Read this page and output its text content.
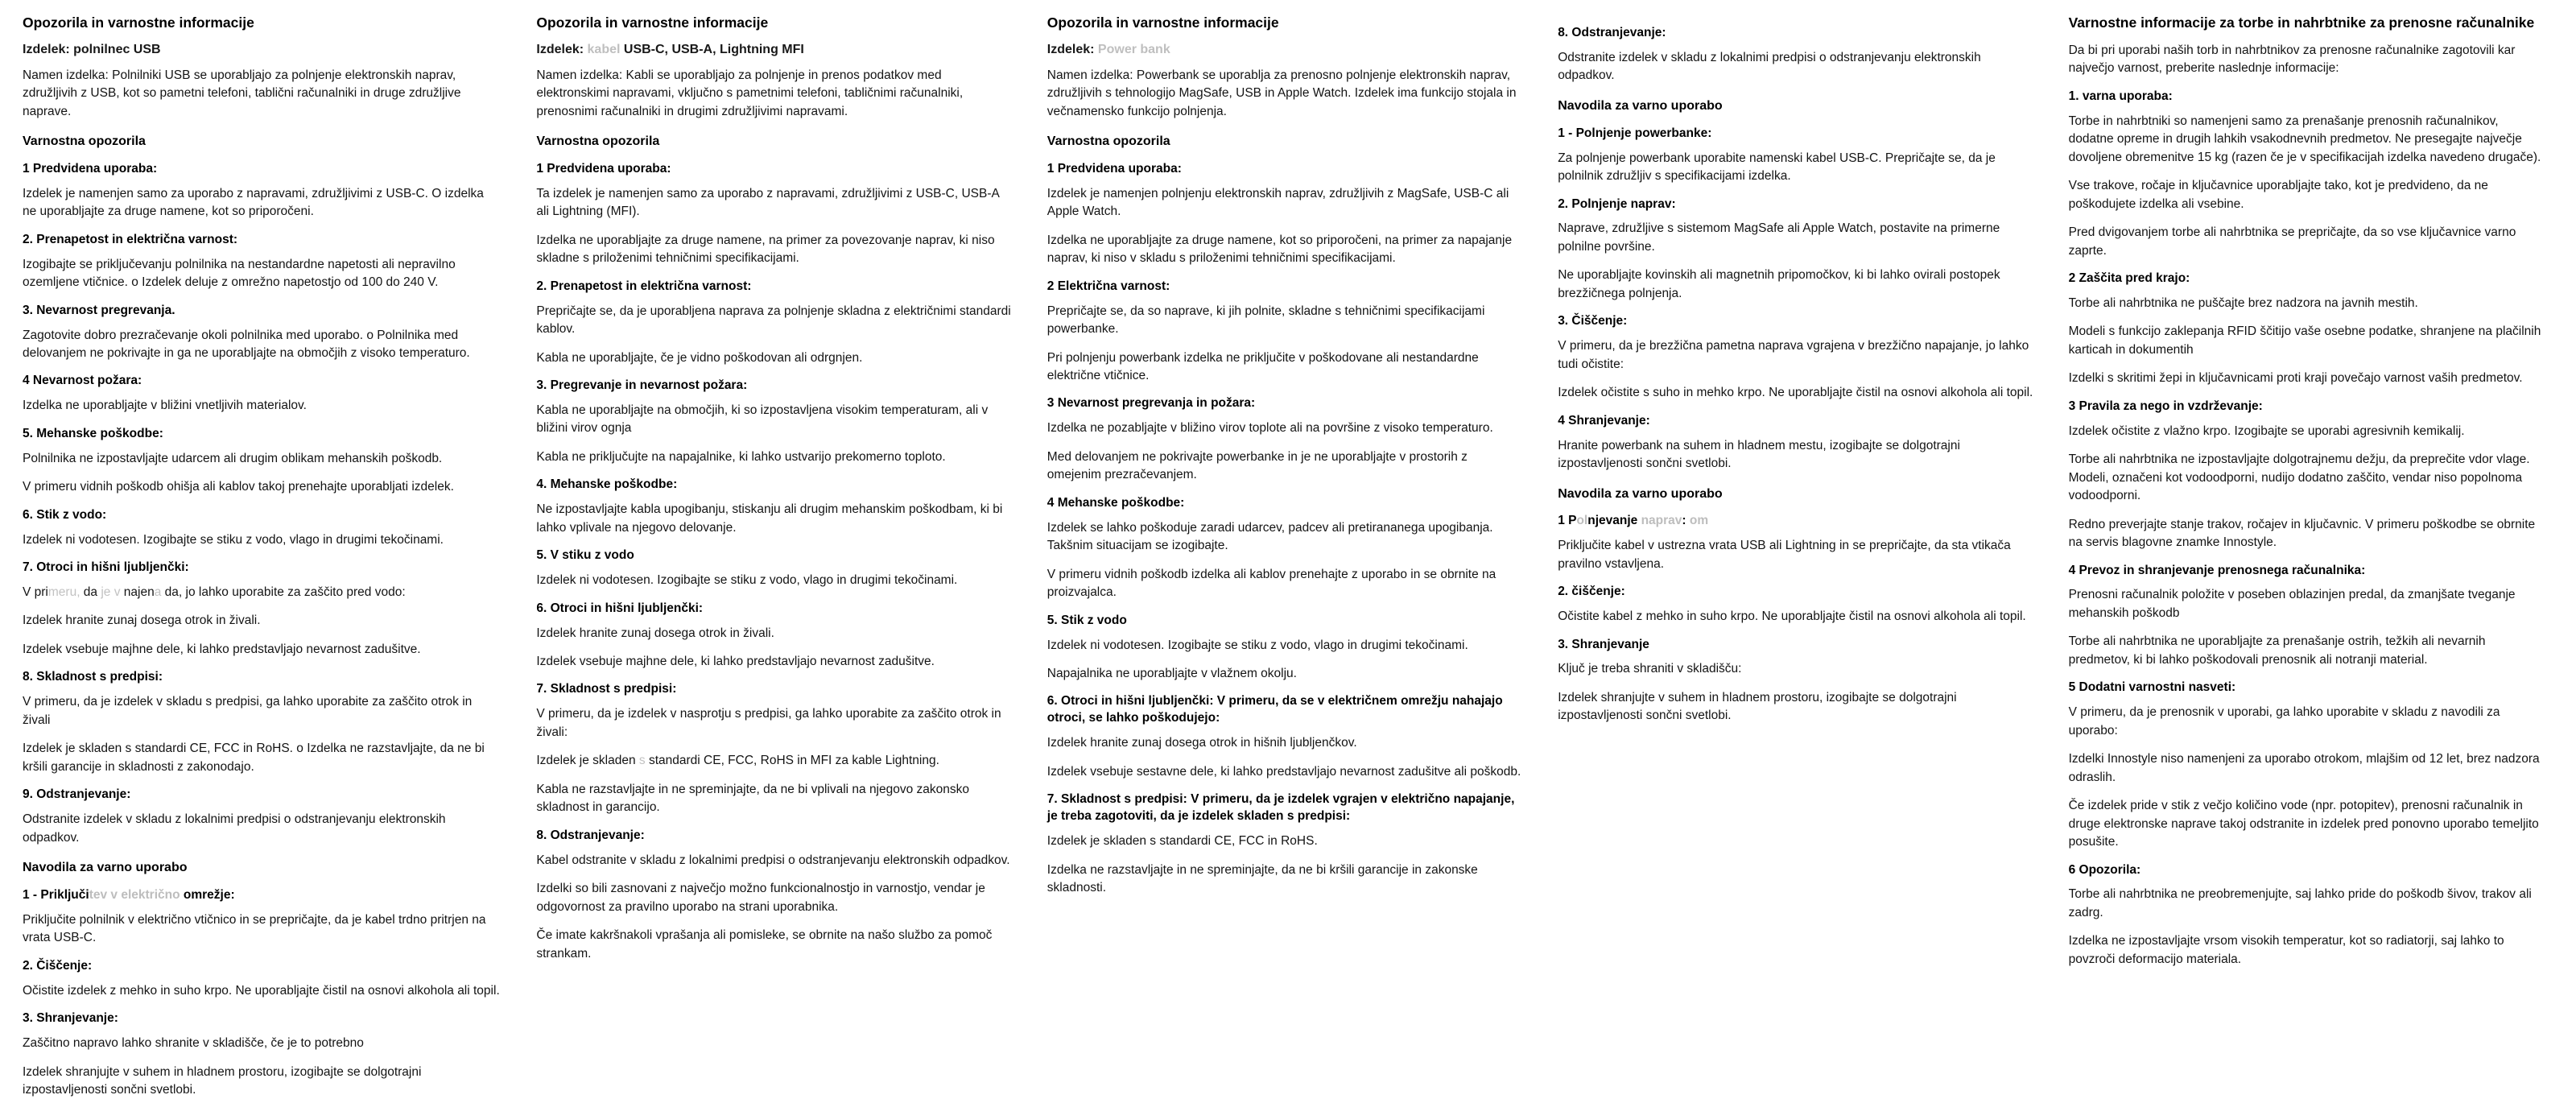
Opozorila in varnostne informacije
Izdelek: polnilnec USB

Namen izdelka: Polnilniki USB se uporabljajo za polnjenje elektronskih naprav, združljivih z USB, kot so pametni telefoni, tablični računalniki in druge združljive naprave.

Varnostna opozorila
1 Predvidena uporaba:

Izdelek je namenjen samo za uporabo z napravami, združljivimi z USB-C. O izdelka ne uporabljajte za druge namene, kot so priporočeni.

2. Prenapetost in električna varnost:

Izogibajte se priključevanju polnilnika na nestandardne napetosti ali nepravilno ozemljene vtičnice. o Izdelek deluje z omrežno napetostjo od 100 do 240 V.

3. Nevarnost pregrevanja.

Zagotovite dobro prezračevanje okoli polnilnika med uporabo. o Polnilnika med delovanjem ne pokrivajte in ga ne uporabljajte na območjih z visoko temperaturo.

4 Nevarnost požara:

Izdelka ne uporabljajte v bližini vnetljivih materialov.

5. Mehanske poškodbe:

Polnilnika ne izpostavljajte udarcem ali drugim oblikam mehanskih poškodb.

V primeru vidnih poškodb ohišja ali kablov takoj prenehajte uporabljati izdelek.

6. Stik z vodo:

Izdelek ni vodotesen. Izogibajte se stiku z vodo, vlago in drugimi tekočinami.

7. Otroci in hišni ljubljenčki:

V primeru, da je v najena da, jo lahko uporabite za zaščito pred vodo:

Izdelek hranite zunaj dosega otrok in živali.

Izdelek vsebuje majhne dele, ki lahko predstavljajo nevarnost zadušitve.

8. Skladnost s predpisi:

V primeru, da je izdelek v skladu s predpisi, ga lahko uporabite za zaščito otrok in živali

Izdelek je skladen s standardi CE, FCC in RoHS. o Izdelka ne razstavljajte, da ne bi kršili garancije in skladnosti z zakonodajo.

9. Odstranjevanje:

Odstranite izdelek v skladu z lokalnimi predpisi o odstranjevanju elektronskih odpadkov.

Navodila za varno uporabo
1 - Priključitev v električno omrežje:

Priključite polnilnik v električno vtičnico in se prepričajte, da je kabel trdno pritrjen na vrata USB-C.

2. Čiščenje:

Očistite izdelek z mehko in suho krpo. Ne uporabljajte čistil na osnovi alkohola ali topil.

3. Shranjevanje:

Zaščitno napravo lahko shranite v skladišče, če je to potrebno

Izdelek shranjujte v suhem in hladnem prostoru, izogibajte se dolgotrajni izpostavljenosti sončni svetlobi.

Opozorila in varnostne informacije
Izdelek: kabel USB-C, USB-A, Lightning MFI

Namen izdelka: Kabli se uporabljajo za polnjenje in prenos podatkov med elektronskimi napravami, vključno s pametnimi telefoni, tabličnimi računalniki, prenosnimi računalniki in drugimi združljivimi napravami.

Varnostna opozorila
1 Predvidena uporaba:

Ta izdelek je namenjen samo za uporabo z napravami, združljivimi z USB-C, USB-A ali Lightning (MFI).

Izdelka ne uporabljajte za druge namene, na primer za povezovanje naprav, ki niso skladne s priloženimi tehničnimi specifikacijami.

2. Prenapetost in električna varnost:

Prepričajte se, da je uporabljena naprava za polnjenje skladna z električnimi standardi kablov.

Kabla ne uporabljajte, če je vidno poškodovan ali odrgnjen.

3. Pregrevanje in nevarnost požara:

Kabla ne uporabljajte na območjih, ki so izpostavljena visokim temperaturam, ali v bližini virov ognja

Kabla ne priključujte na napajalnike, ki lahko ustvarijo prekomerno toploto.

4. Mehanske poškodbe:

Ne izpostavljajte kabla upogibanju, stiskanju ali drugim mehanskim poškodbam, ki bi lahko vplivale na njegovo delovanje.

5. V stiku z vodo

Izdelek ni vodotesen. Izogibajte se stiku z vodo, vlago in drugimi tekočinami.

6. Otroci in hišni ljubljenčki:

Izdelek hranite zunaj dosega otrok in živali.

Izdelek vsebuje majhne dele, ki lahko predstavljajo nevarnost zadušitve.

7. Skladnost s predpisi:

V primeru, da je izdelek v nasprotju s predpisi, ga lahko uporabite za zaščito otrok in živali:

Izdelek je skladen s standardi CE, FCC, RoHS in MFI za kable Lightning.

Kabla ne razstavljajte in ne spreminjajte, da ne bi vplivali na njegovo zakonsko skladnost in garancijo.

8. Odstranjevanje:

Kabel odstranite v skladu z lokalnimi predpisi o odstranjevanju elektronskih odpadkov.

Izdelki so bili zasnovani z največjo možno funkcionalnostjo in varnostjo, vendar je odgovornost za pravilno uporabo na strani uporabnika.

Če imate kakršnakoli vprašanja ali pomislekе, se obrnite na našo službo za pomoč strankam.

Opozorila in varnostne informacije
Izdelek: Power bank

Namen izdelka: Powerbank se uporablja za prenosno polnjenje elektronskih naprav, združljivih s tehnologijo MagSafe, USB in Apple Watch. Izdelek ima funkcijo stojala in večnamensko funkcijo polnjenja.

Varnostna opozorila
1 Predvidena uporaba:

Izdelek je namenjen polnjenju elektronskih naprav, združljivih z MagSafe, USB-C ali Apple Watch.

Izdelka ne uporabljajte za druge namene, kot so priporočeni, na primer za napajanje naprav, ki niso v skladu s priloženimi tehničnimi specifikacijami.

2 Električna varnost:

Prepričajte se, da so naprave, ki jih polnite, skladne s tehničnimi specifikacijami powerbanke.

Pri polnjenju powerbank izdelka ne priključite v poškodovane ali nestandardne električne vtičnice.

3 Nevarnost pregrevanja in požara:

Izdelka ne pozabljajte v bližino virov toplote ali na površine z visoko temperaturo.

Med delovanjem ne pokrivajte powerbanke in je ne uporabljajte v prostorih z omejenim prezračevanjem.

4 Mehanske poškodbe:

Izdelek se lahko poškoduje zaradi udarcev, padcev ali pretirananega upogibanja. Takšnim situacijam se izogibajte.

V primeru vidnih poškodb izdelka ali kablov prenehajte z uporabo in se obrnite na proizvajalca.

5. Stik z vodo

Izdelek ni vodotesen. Izogibajte se stiku z vodo, vlago in drugimi tekočinami.

Napajalnika ne uporabljajte v vlažnem okolju.

6. Otroci in hišni ljubljenčki: V primeru, da se v električnem omrežju nahajajo otroci, se lahko poškodujejo:

Izdelek hranite zunaj dosega otrok in hišnih ljubljenčkov.

Izdelek vsebuje sestavne dele, ki lahko predstavljajo nevarnost zadušitve ali poškodb.

7. Skladnost s predpisi: V primeru, da je izdelek vgrajen v električno napajanje, je treba zagotoviti, da je izdelek skladen s predpisi:

Izdelek je skladen s standardi CE, FCC in RoHS.

Izdelka ne razstavljajte in ne spreminjajte, da ne bi kršili garancije in zakonske skladnosti.

8. Odstranjevanje:

Odstranite izdelek v skladu z lokalnimi predpisi o odstranjevanju elektronskih odpadkov.

Navodila za varno uporabo
1 - Polnjenje powerbanke:

Za polnjenje powerbank uporabite namenski kabel USB-C. Prepričajte se, da je polnilnik združljiv s specifikacijami izdelka.

2. Polnjenje naprav:

Naprave, združljive s sistemom MagSafe ali Apple Watch, postavite na primerne polnilne površine.

Ne uporabljajte kovinskih ali magnetnih pripomočkov, ki bi lahko ovirali postopek brezžičnega polnjenja.

3. Čiščenje:

V primeru, da je brezžična pametna naprava vgrajena v brezžično napajanje, jo lahko tudi očistite:

Izdelek očistite s suho in mehko krpo. Ne uporabljajte čistil na osnovi alkohola ali topil.

4 Shranjevanje:

Hranite powerbank na suhem in hladnem mestu, izogibajte se dolgotrajni izpostavljenosti sončni svetlobi.

Navodila za varno uporabo
1 Polnjevanje naprav: om

Priključite kabel v ustrezna vrata USB ali Lightning in se prepričajte, da sta vtikača pravilno vstavljena.

2. čiščenje:

Očistite kabel z mehko in suho krpo. Ne uporabljajte čistil na osnovi alkohola ali topil.

3. Shranjevanje

Ključ je treba shraniti v skladišču:

Izdelek shranjujte v suhem in hladnem prostoru, izogibajte se dolgotrajni izpostavljenosti sončni svetlobi.

Varnostne informacije za torbe in nahrbtnike za prenosne računalnike

Da bi pri uporabi naših torb in nahrbtnikov za prenosne računalnike zagotovili kar največjo varnost, preberite naslednje informacije:

1. varna uporaba:

Torbe in nahrbtniki so namenjeni samo za prenašanje prenosnih računalnikov, dodatne opreme in drugih lahkih vsakodnevnih predmetov. Ne presegajte največje dovoljene obremenitve 15 kg (razen če je v specifikacijah izdelka navedeno drugače).

Vse trakove, ročaje in ključavnice uporabljajte tako, kot je predvideno, da ne poškodujete izdelka ali vsebine.

Pred dvigovanjem torbe ali nahrbtnika se prepričajte, da so vse ključavnice varno zaprte.

2 Zaščita pred krajo:

Torbe ali nahrbtnika ne puščajte brez nadzora na javnih mestih.

Modeli s funkcijo zaklepanja RFID ščitijo vaše osebne podatke, shranjene na plačilnih karticah in dokumentih

Izdelki s skritimi žepi in ključavnicami proti kraji povečajo varnost vaših predmetov.

3 Pravila za nego in vzdrževanje:

Izdelek očistite z vlažno krpo. Izogibajte se uporabi agresivnih kemikalij.

Torbe ali nahrbtnika ne izpostavljajte dolgotrajnemu dežju, da preprečite vdor vlage. Modeli, označeni kot vodoodporni, nudijo dodatno zaščito, vendar niso popolnoma vodoodporni.

Redno preverjajte stanje trakov, ročajev in ključavnic. V primeru poškodbe se obrnite na servis blagovne znamke Innostyle.

4 Prevoz in shranjevanje prenosnega računalnika:

Prenosni računalnik položite v poseben oblazinjen predal, da zmanjšate tveganje mehanskih poškodb

Torbe ali nahrbtnika ne uporabljajte za prenašanje ostrih, težkih ali nevarnih predmetov, ki bi lahko poškodovali prenosnik ali notranji material.

5 Dodatni varnostni nasveti:

V primeru, da je prenosnik v uporabi, ga lahko uporabite v skladu z navodili za uporabo:

Izdelki Innostyle niso namenjeni za uporabo otrokom, mlajšim od 12 let, brez nadzora odraslih.

Če izdelek pride v stik z večjo količino vode (npr. potopitev), prenosni računalnik in druge elektronske naprave takoj odstranite in izdelek pred ponovno uporabo temeljito posušite.

6 Opozorila:

Torbe ali nahrbtnika ne preobremenjujte, saj lahko pride do poškodb šivov, trakov ali zadrg.

Izdelka ne izpostavljajte vrsom visokih temperatur, kot so radiatorji, saj lahko to povzroči deformacijo materiala.
